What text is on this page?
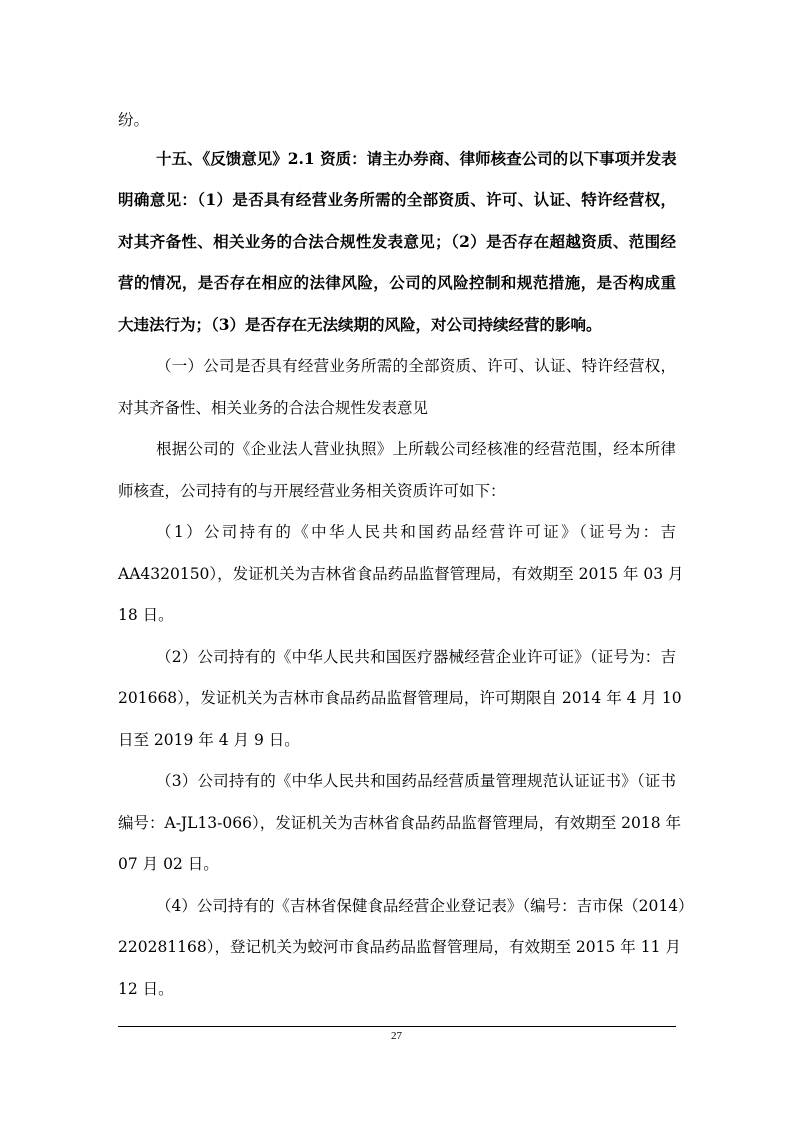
纷。
十五、《反馈意见》2.1 资质：请主办券商、律师核查公司的以下事项并发表
明确意见：（1）是否具有经营业务所需的全部资质、许可、认证、特许经营权，
对其齐备性、相关业务的合法合规性发表意见；（2）是否存在超越资质、范围经
营的情况，是否存在相应的法律风险，公司的风险控制和规范措施，是否构成重
大违法行为；（3）是否存在无法续期的风险，对公司持续经营的影响。
（一）公司是否具有经营业务所需的全部资质、许可、认证、特许经营权，
对其齐备性、相关业务的合法合规性发表意见
根据公司的《企业法人营业执照》上所载公司经核准的经营范围，经本所律
师核查，公司持有的与开展经营业务相关资质许可如下：
（1）公司持有的《中华人民共和国药品经营许可证》（证号为：吉
AA4320150），发证机关为吉林省食品药品监督管理局，有效期至 2015 年 03 月
18 日。
（2）公司持有的《中华人民共和国医疗器械经营企业许可证》（证号为：吉
201668），发证机关为吉林市食品药品监督管理局，许可期限自 2014 年 4 月 10
日至 2019 年 4 月 9 日。
（3）公司持有的《中华人民共和国药品经营质量管理规范认证证书》（证书
编号：A-JL13-066），发证机关为吉林省食品药品监督管理局，有效期至 2018 年
07 月 02 日。
（4）公司持有的《吉林省保健食品经营企业登记表》（编号：吉市保（2014）
220281168），登记机关为蛟河市食品药品监督管理局，有效期至 2015 年 11 月
12 日。
27
